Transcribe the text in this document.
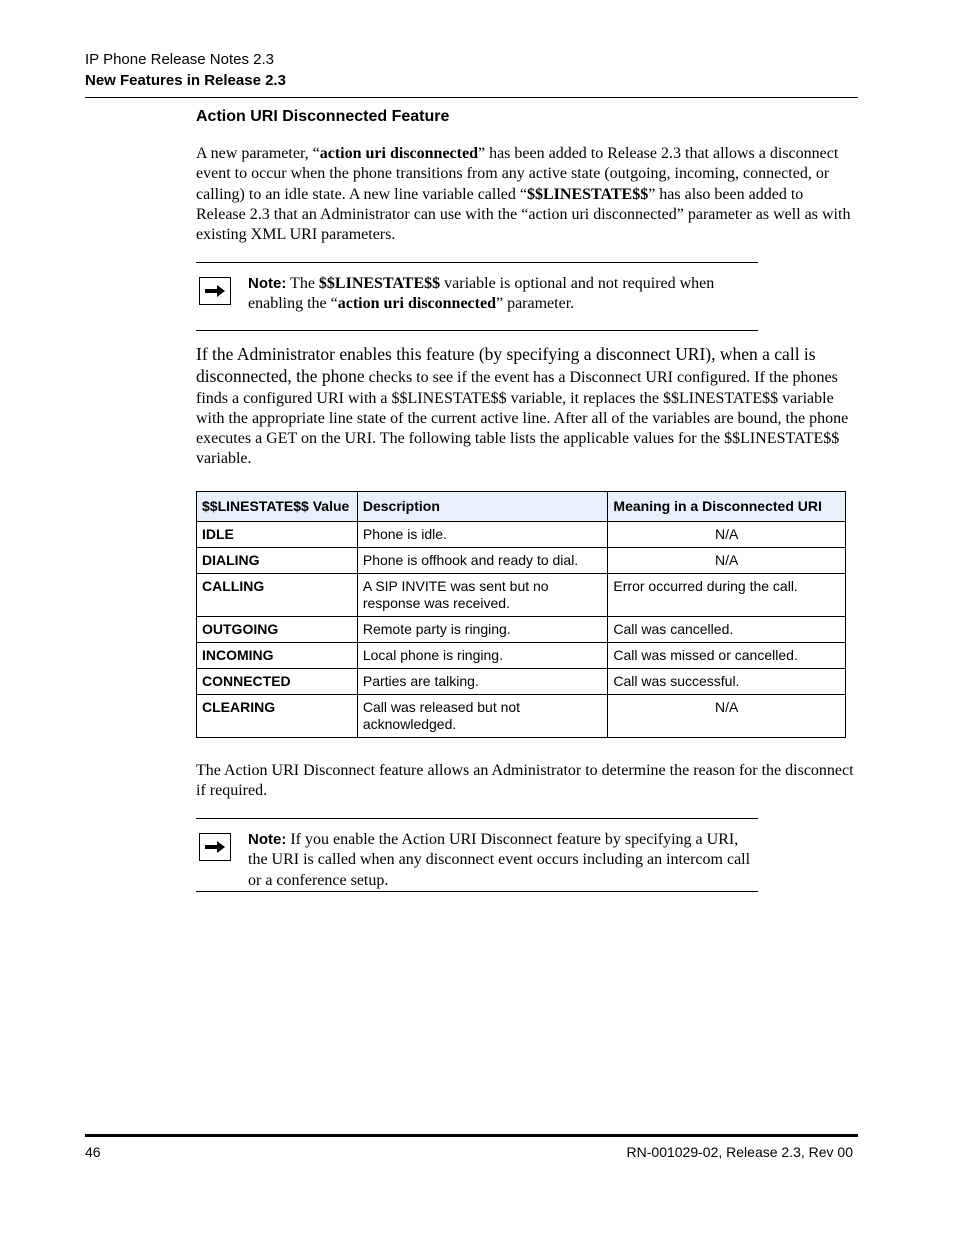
IP Phone Release Notes 2.3
New Features in Release 2.3
Action URI Disconnected Feature
A new parameter, “action uri disconnected” has been added to Release 2.3 that allows a disconnect event to occur when the phone transitions from any active state (outgoing, incoming, connected, or calling) to an idle state. A new line variable called “$$LINESTATE$$” has also been added to Release 2.3 that an Administrator can use with the “action uri disconnected” parameter as well as with existing XML URI parameters.
Note: The $$LINESTATE$$ variable is optional and not required when enabling the “action uri disconnected” parameter.
If the Administrator enables this feature (by specifying a disconnect URI), when a call is disconnected, the phone checks to see if the event has a Disconnect URI configured. If the phones finds a configured URI with a $$LINESTATE$$ variable, it replaces the $$LINESTATE$$ variable with the appropriate line state of the current active line. After all of the variables are bound, the phone executes a GET on the URI. The following table lists the applicable values for the $$LINESTATE$$ variable.
$$LINESTATE$$ Value	Description	Meaning in a Disconnected URI
IDLE	Phone is idle.	N/A
DIALING	Phone is offhook and ready to dial.	N/A
CALLING	A SIP INVITE was sent but no response was received.	Error occurred during the call.
OUTGOING	Remote party is ringing.	Call was cancelled.
INCOMING	Local phone is ringing.	Call was missed or cancelled.
CONNECTED	Parties are talking.	Call was successful.
CLEARING	Call was released but not acknowledged.	N/A
The Action URI Disconnect feature allows an Administrator to determine the reason for the disconnect if required.
Note: If you enable the Action URI Disconnect feature by specifying a URI, the URI is called when any disconnect event occurs including an intercom call or a conference setup.
46	RN-001029-02, Release 2.3, Rev 00
